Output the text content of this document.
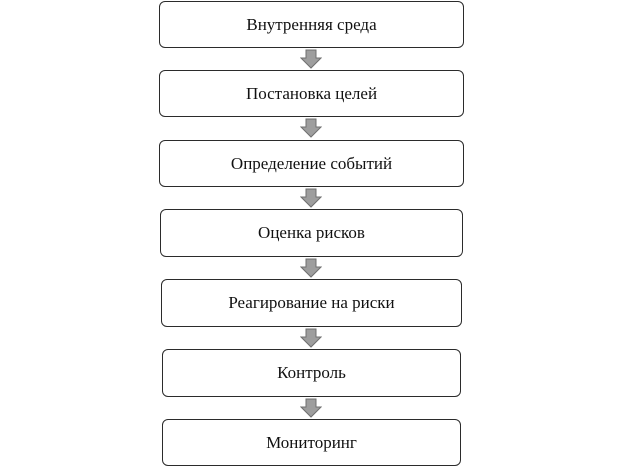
Внутренняя среда
Постановка целей
Определение событий
Оценка рисков
Реагирование на риски
Контроль
Мониторинг
